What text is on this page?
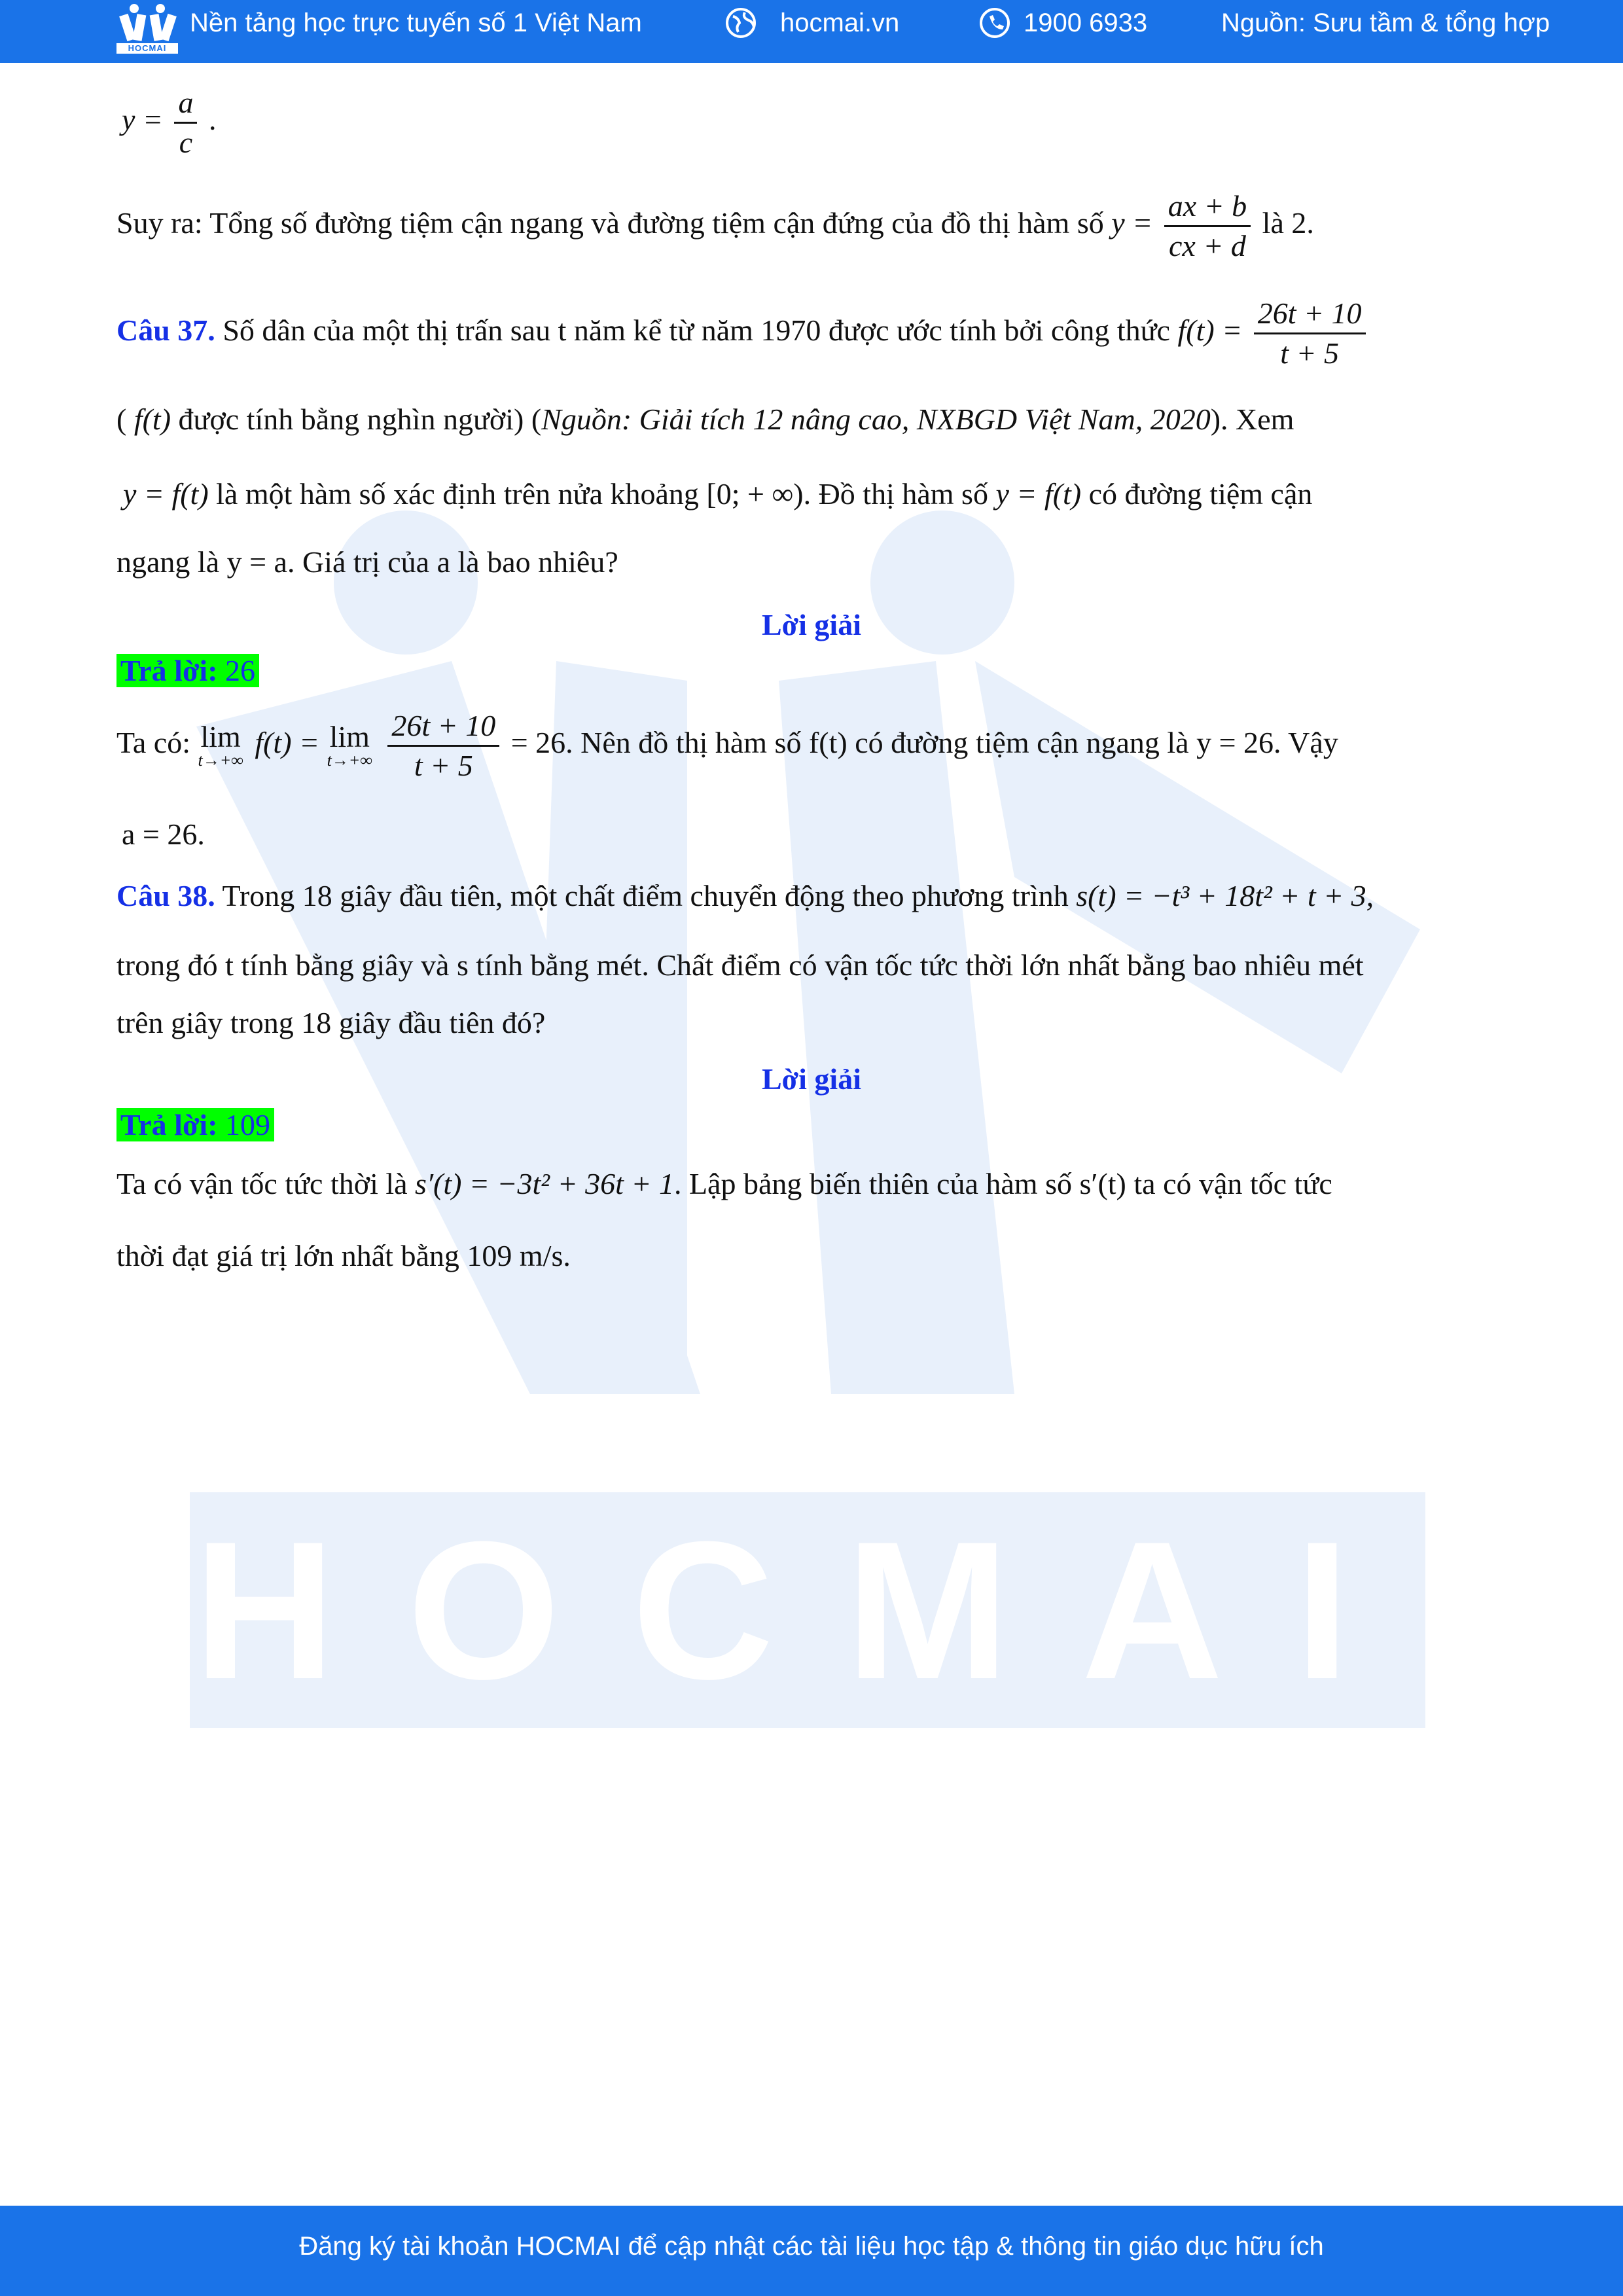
HOCMAI
Nền tảng học trực tuyến số 1 Việt Nam	hocmai.vn	1900 6933	Nguồn: Sưu tầm & tổng hợp
HOCMAI
$y = \frac{a}{c}$ .
Suy ra: Tổng số đường tiệm cận ngang và đường tiệm cận đứng của đồ thị hàm số $y = \frac{ax + b}{cx + d}$ là 2.
Câu 37. Số dân của một thị trấn sau t năm kể từ năm 1970 được ước tính bởi công thức $f(t) = \frac{26t + 10}{t + 5}$
( f(t) được tính bằng nghìn người) (Nguồn: Giải tích 12 nâng cao, NXBGD Việt Nam, 2020). Xem
y = f(t) là một hàm số xác định trên nửa khoảng [0; + ∞). Đồ thị hàm số y = f(t) có đường tiệm cận
ngang là y = a. Giá trị của a là bao nhiêu?
Lời giải
Trả lời: 26
Ta có: lim
t→+∞
f(t) = lim
t→+∞
$\frac{26t + 10}{t + 5} = 26$. Nên đồ thị hàm số f(t) có đường tiệm cận ngang là y = 26. Vậy
a = 26.
Câu 38. Trong 18 giây đầu tiên, một chất điểm chuyển động theo phương trình s(t) = −t³ + 18t² + t + 3,
trong đó t tính bằng giây và s tính bằng mét. Chất điểm có vận tốc tức thời lớn nhất bằng bao nhiêu mét
trên giây trong 18 giây đầu tiên đó?
Lời giải
Trả lời: 109
Ta có vận tốc tức thời là s′(t) = −3t² + 36t + 1. Lập bảng biến thiên của hàm số s′(t) ta có vận tốc tức
thời đạt giá trị lớn nhất bằng 109 m/s.
Đăng ký tài khoản HOCMAI để cập nhật các tài liệu học tập & thông tin giáo dục hữu ích
